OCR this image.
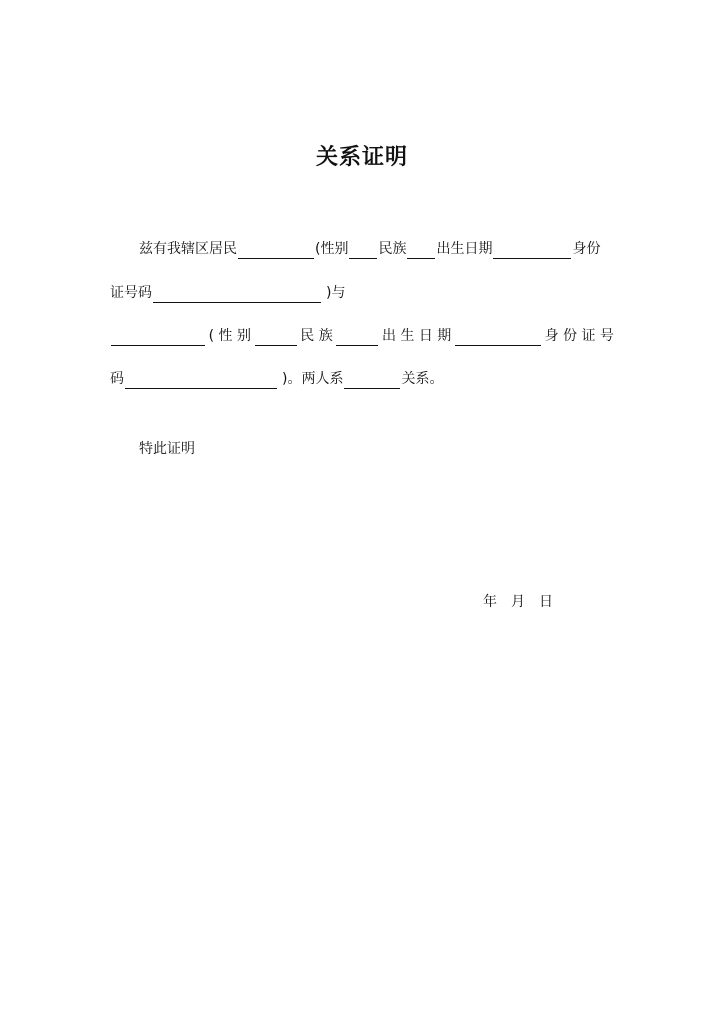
关系证明
兹有我辖区居民	(性别 民族 出生日期	身份
证号码	)与
( 性 别	民 族	出 生 日 期	身 份 证 号
码	)。两人系	关系。
特此证明
年 月 日
